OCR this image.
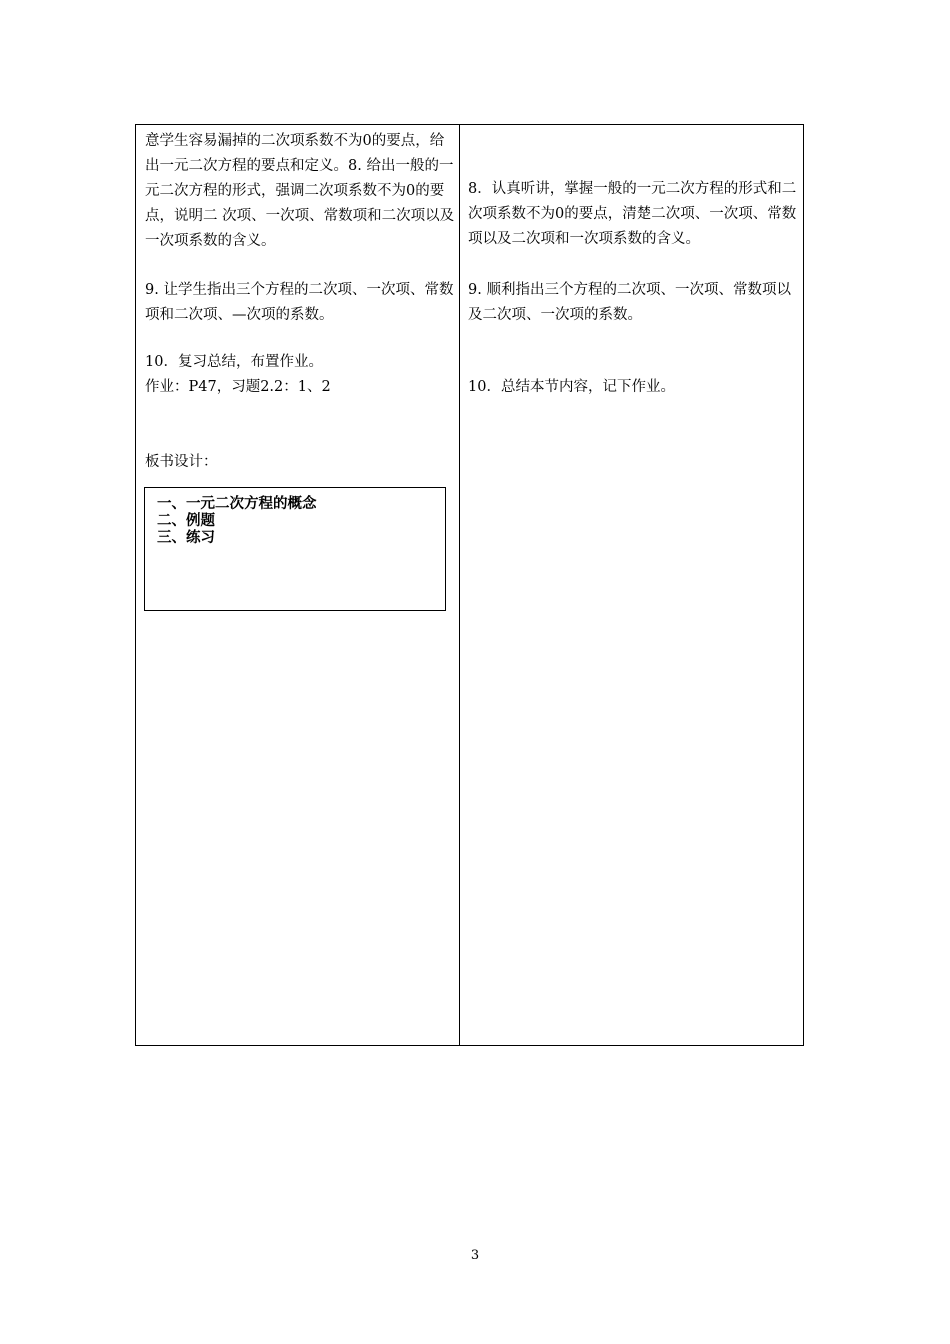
意学生容易漏掉的二次项系数不为0的要点，给出一元二次方程的要点和定义。8. 给出一般的一元二次方程的形式，强调二次项系数不为0的要点，说明二 次项、一次项、常数项和二次项以及一次项系数的含义。
9. 让学生指出三个方程的二次项、一次项、常数项和二次项、—次项的系数。
10．复习总结，布置作业。
作业：P47，习题2.2：1、2
板书设计：
一、一元二次方程的概念
二、例题
三、练习
8．认真听讲，掌握一般的一元二次方程的形式和二次项系数不为0的要点，清楚二次项、一次项、常数项以及二次项和一次项系数的含义。
9. 顺利指出三个方程的二次项、一次项、常数项以及二次项、一次项的系数。
10．总结本节内容，记下作业。
3
